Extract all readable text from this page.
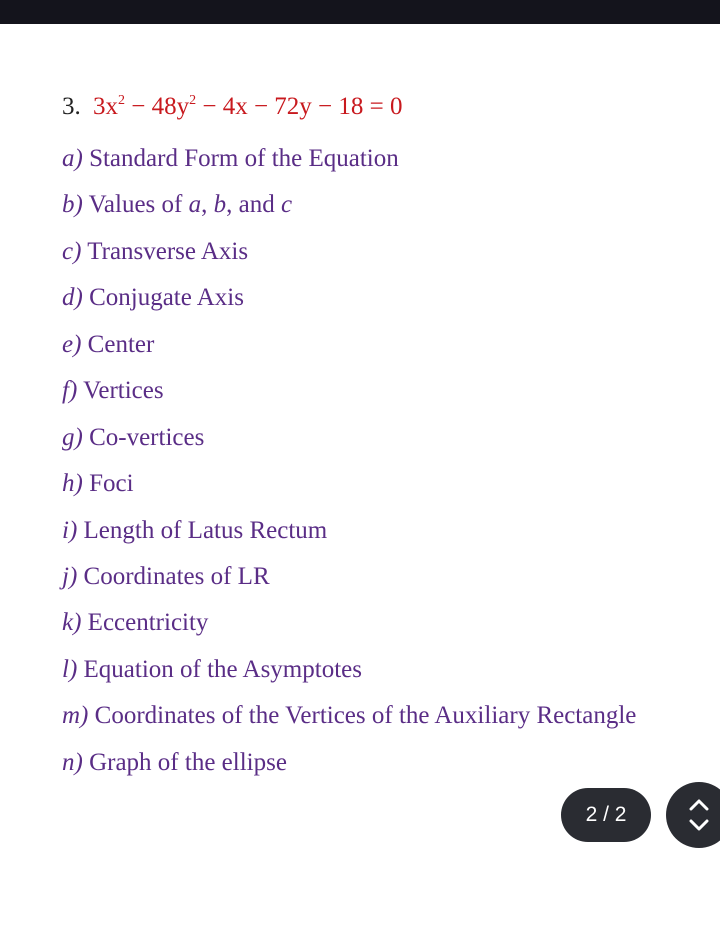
3. $3x^2 - 48y^2 - 4x - 72y - 18 = 0$
a) Standard Form of the Equation
b) Values of a, b, and c
c) Transverse Axis
d) Conjugate Axis
e) Center
f) Vertices
g) Co-vertices
h) Foci
i) Length of Latus Rectum
j) Coordinates of LR
k) Eccentricity
l) Equation of the Asymptotes
m) Coordinates of the Vertices of the Auxiliary Rectangle
n) Graph of the ellipse
2 / 2
